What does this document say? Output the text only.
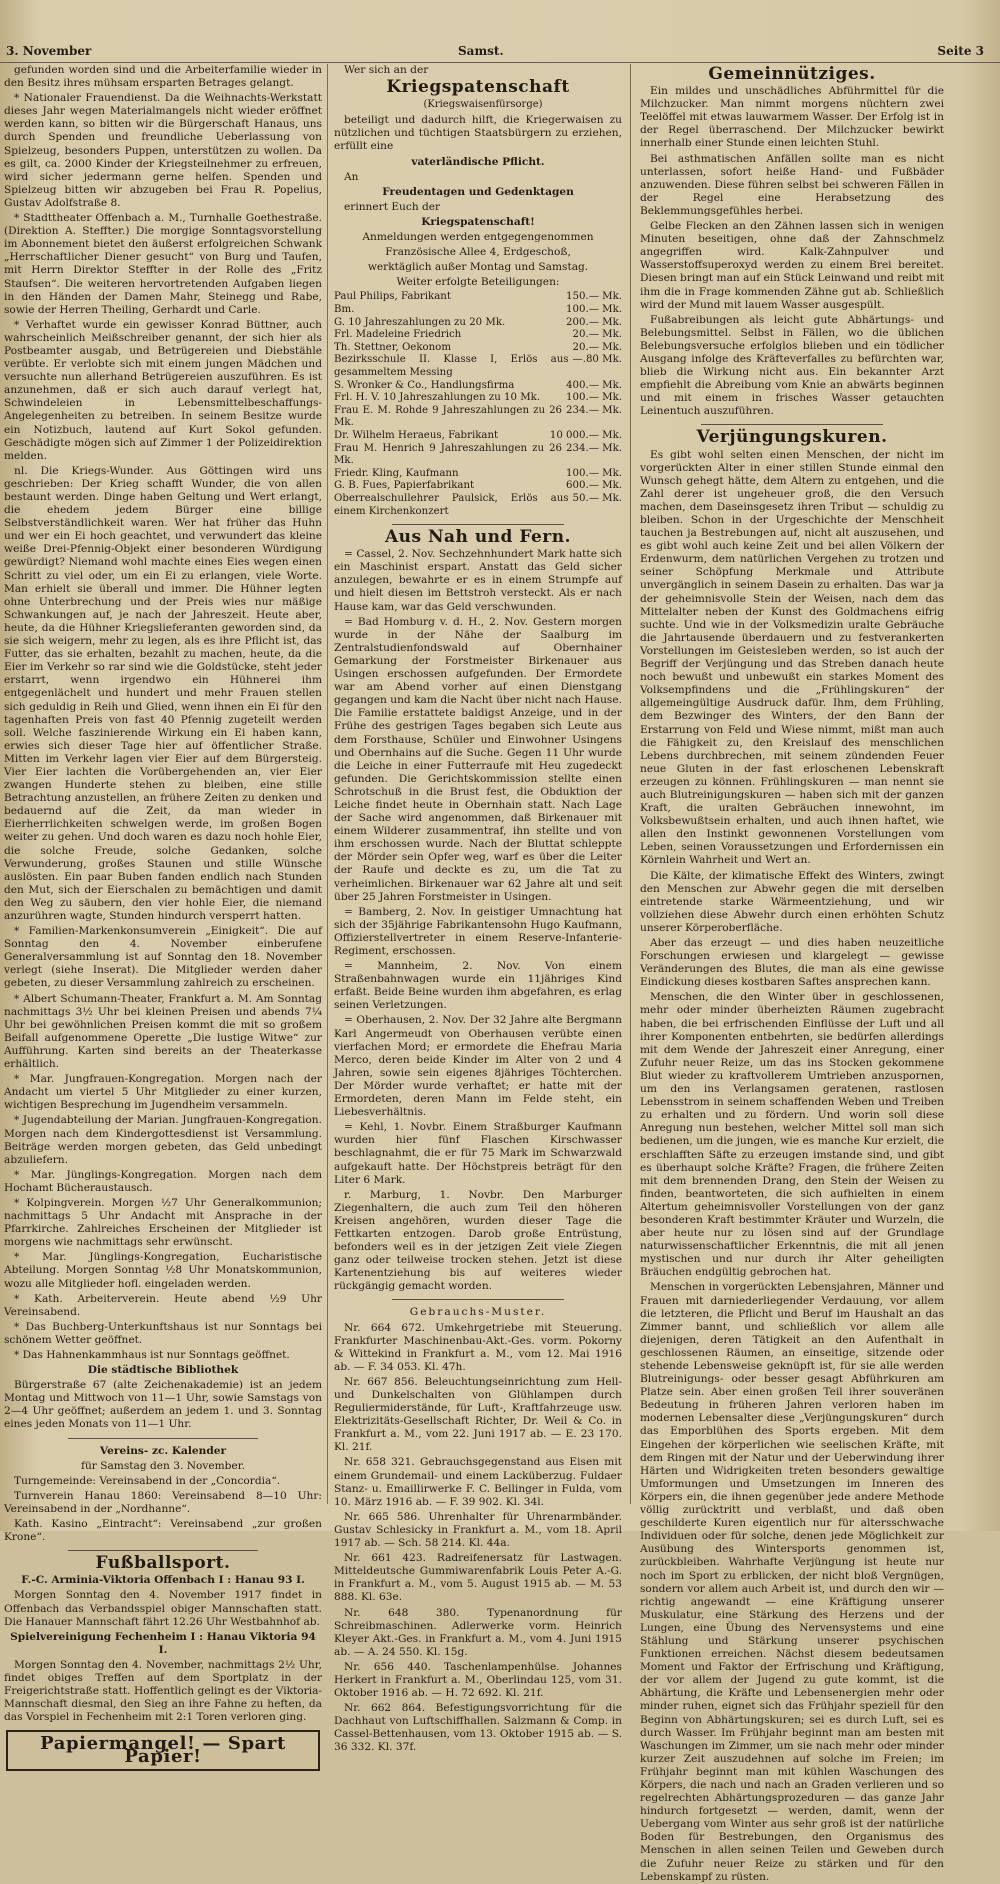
3. November	Samst.	Seite 3

gefunden worden sind und die Arbeiterfamilie wieder in den Besitz ihres mühsam ersparten Betrages gelangt.

* Nationaler Frauendienst. Da die Weihnachts-Werkstatt dieses Jahr wegen Materialmangels nicht wieder eröffnet werden kann, so bitten wir die Bürgerschaft Hanaus, uns durch Spenden und freundliche Ueberlassung von Spielzeug, besonders Puppen, unterstützen zu wollen. Da es gilt, ca. 2000 Kinder der Kriegsteilnehmer zu erfreuen, wird sicher jedermann gerne helfen. Spenden und Spielzeug bitten wir abzugeben bei Frau R. Popelius, Gustav Adolfstraße 8.

* Stadttheater Offenbach a. M., Turnhalle Goethestraße. (Direktion A. Steffter.) Die morgige Sonntagsvorstellung im Abonnement bietet den äußerst erfolgreichen Schwank „Herrschaftlicher Diener gesucht“ von Burg und Taufen, mit Herrn Direktor Steffter in der Rolle des „Fritz Staufsen“. Die weiteren hervortretenden Aufgaben liegen in den Händen der Damen Mahr, Steinegg und Rabe, sowie der Herren Theiling, Gerhardt und Carle.

* Verhaftet wurde ein gewisser Konrad Büttner, auch wahrscheinlich Meißschreiber genannt, der sich hier als Postbeamter ausgab, und Betrügereien und Diebstähle verübte. Er verlobte sich mit einem jungen Mädchen und versuchte nun allerhand Betrügereien auszuführen. Es ist anzunehmen, daß er sich auch darauf verlegt hat, Schwindeleien in Lebensmittelbeschaffungs-Angelegenheiten zu betreiben. In seinem Besitze wurde ein Notizbuch, lautend auf Kurt Sokol gefunden. Geschädigte mögen sich auf Zimmer 1 der Polizeidirektion melden.

nl. Die Kriegs-Wunder. Aus Göttingen wird uns geschrieben: Der Krieg schafft Wunder, die von allen bestaunt werden. Dinge haben Geltung und Wert erlangt, die ehedem jedem Bürger eine billige Selbstverständlichkeit waren. Wer hat früher das Huhn und wer ein Ei hoch geachtet, und verwundert das kleine weiße Drei-Pfennig-Objekt einer besonderen Würdigung gewürdigt? Niemand wohl machte eines Eies wegen einen Schritt zu viel oder, um ein Ei zu erlangen, viele Worte. Man erhielt sie überall und immer. Die Hühner legten ohne Unterbrechung und der Preis wies nur mäßige Schwankungen auf, je nach der Jahreszeit. Heute aber, heute, da die Hühner Kriegslieferanten geworden sind, da sie sich weigern, mehr zu legen, als es ihre Pflicht ist, das Futter, das sie erhalten, bezahlt zu machen, heute, da die Eier im Verkehr so rar sind wie die Goldstücke, steht jeder erstarrt, wenn irgendwo ein Hühnerei ihm entgegenlächelt und hundert und mehr Frauen stellen sich geduldig in Reih und Glied, wenn ihnen ein Ei für den tagenhaften Preis von fast 40 Pfennig zugeteilt werden soll. Welche faszinierende Wirkung ein Ei haben kann, erwies sich dieser Tage hier auf öffentlicher Straße. Mitten im Verkehr lagen vier Eier auf dem Bürgersteig. Vier Eier lachten die Vorübergehenden an, vier Eier zwangen Hunderte stehen zu bleiben, eine stille Betrachtung anzustellen, an frühere Zeiten zu denken und bedauernd auf die Zeit, da man wieder in Eierherrlichkeiten schwelgen werde, im großen Bogen weiter zu gehen. Und doch waren es dazu noch hohle Eier, die solche Freude, solche Gedanken, solche Verwunderung, großes Staunen und stille Wünsche auslösten. Ein paar Buben fanden endlich nach Stunden den Mut, sich der Eierschalen zu bemächtigen und damit den Weg zu säubern, den vier hohle Eier, die niemand anzurühren wagte, Stunden hindurch versperrt hatten.

* Familien-Markenkonsumverein „Einigkeit“. Die auf Sonntag den 4. November einberufene Generalversammlung ist auf Sonntag den 18. November verlegt (siehe Inserat). Die Mitglieder werden daher gebeten, zu dieser Versammlung zahlreich zu erscheinen.

* Albert Schumann-Theater, Frankfurt a. M. Am Sonntag nachmittags 3½ Uhr bei kleinen Preisen und abends 7¼ Uhr bei gewöhnlichen Preisen kommt die mit so großem Beifall aufgenommene Operette „Die lustige Witwe“ zur Aufführung. Karten sind bereits an der Theaterkasse erhältlich.

* Mar. Jungfrauen-Kongregation. Morgen nach der Andacht um viertel 5 Uhr Mitglieder zu einer kurzen, wichtigen Besprechung im Jugendheim versammeln.

* Jugendabteilung der Marian. Jungfrauen-Kongregation. Morgen nach dem Kindergottesdienst ist Versammlung. Beiträge werden morgen gebeten, das Geld unbedingt abzuliefern.

* Mar. Jünglings-Kongregation. Morgen nach dem Hochamt Bücheraustausch.

* Kolpingverein. Morgen ½7 Uhr Generalkommunion; nachmittags 5 Uhr Andacht mit Ansprache in der Pfarrkirche. Zahlreiches Erscheinen der Mitglieder ist morgens wie nachmittags sehr erwünscht.

* Mar. Jünglings-Kongregation, Eucharistische Abteilung. Morgen Sonntag ½8 Uhr Monatskommunion, wozu alle Mitglieder hofl. eingeladen werden.

* Kath. Arbeiterverein. Heute abend ½9 Uhr Vereinsabend.

* Das Buchberg-Unterkunftshaus ist nur Sonntags bei schönem Wetter geöffnet.

* Das Hahnenkammhaus ist nur Sonntags geöffnet.

Die städtische Bibliothek

Bürgerstraße 67 (alte Zeichenakademie) ist an jedem Montag und Mittwoch von 11—1 Uhr, sowie Samstags von 2—4 Uhr geöffnet; außerdem an jedem 1. und 3. Sonntag eines jeden Monats von 11—1 Uhr.

Vereins- zc. Kalender

für Samstag den 3. November.

Turngemeinde: Vereinsabend in der „Concordia“.

Turnverein Hanau 1860: Vereinsabend 8—10 Uhr: Vereinsabend in der „Nordhanne“.

Kath. Kasino „Eintracht“: Vereinsabend „zur großen Krone“.

Fußballsport.

F.-C. Arminia-Viktoria Offenbach I : Hanau 93 I.

Morgen Sonntag den 4. November 1917 findet in Offenbach das Verbandsspiel obiger Mannschaften statt. Die Hanauer Mannschaft fährt 12.26 Uhr Westbahnhof ab.

Spielvereinigung Fechenheim I : Hanau Viktoria 94 I.

Morgen Sonntag den 4. November, nachmittags 2½ Uhr, findet obiges Treffen auf dem Sportplatz in der Freigerichtstraße statt. Hoffentlich gelingt es der Viktoria-Mannschaft diesmal, den Sieg an ihre Fahne zu heften, da das Vorspiel in Fechenheim mit 2:1 Toren verloren ging.

Papiermangel! — Spart Papier!

Wer sich an der

Kriegspatenschaft

(Kriegswaisenfürsorge)

beteiligt und dadurch hilft, die Kriegerwaisen zu nützlichen und tüchtigen Staatsbürgern zu erziehen, erfüllt eine

vaterländische Pflicht.

An

Freudentagen und Gedenktagen

erinnert Euch der

Kriegspatenschaft!

Anmeldungen werden entgegengenommen

Französische Allee 4, Erdgeschoß,

werktäglich außer Montag und Samstag.

Weiter erfolgte Beteiligungen:

Paul Philips, Fabrikant	150.— Mk.
Bm.	100.— Mk.
G. 10 Jahreszahlungen zu 20 Mk.	200.— Mk.
Frl. Madeleine Friedrich	20.— Mk.
Th. Stettner, Oekonom	20.— Mk.
Bezirksschule II. Klasse I, Erlös aus gesammeltem Messing
—.80 Mk.
S. Wronker & Co., Handlungsfirma	400.— Mk.
Frl. H. V. 10 Jahreszahlungen zu 10 Mk.	100.— Mk.
Frau E. M. Rohde 9 Jahreszahlungen zu 26 Mk.
234.— Mk.
Dr. Wilhelm Heraeus, Fabrikant	10 000.— Mk.
Frau M. Henrich 9 Jahreszahlungen zu 26 Mk.
234.— Mk.
Friedr. Kling, Kaufmann	100.— Mk.
G. B. Fues, Papierfabrikant	600.— Mk.
Oberrealschullehrer Paulsick, Erlös aus einem Kirchenkonzert
50.— Mk.
Aus Nah und Fern.

= Cassel, 2. Nov. Sechzehnhundert Mark hatte sich ein Maschinist erspart. Anstatt das Geld sicher anzulegen, bewahrte er es in einem Strumpfe auf und hielt diesen im Bettstroh versteckt. Als er nach Hause kam, war das Geld verschwunden.

= Bad Homburg v. d. H., 2. Nov. Gestern morgen wurde in der Nähe der Saalburg im Zentralstudienfondswald auf Obernhainer Gemarkung der Forstmeister Birkenauer aus Usingen erschossen aufgefunden. Der Ermordete war am Abend vorher auf einen Dienstgang gegangen und kam die Nacht über nicht nach Hause. Die Familie erstattete baldigst Anzeige, und in der Frühe des gestrigen Tages begaben sich Leute aus dem Forsthause, Schüler und Einwohner Usingens und Obernhains auf die Suche. Gegen 11 Uhr wurde die Leiche in einer Futterraufe mit Heu zugedeckt gefunden. Die Gerichtskommission stellte einen Schrotschuß in die Brust fest, die Obduktion der Leiche findet heute in Obernhain statt. Nach Lage der Sache wird angenommen, daß Birkenauer mit einem Wilderer zusammentraf, ihn stellte und von ihm erschossen wurde. Nach der Bluttat schleppte der Mörder sein Opfer weg, warf es über die Leiter der Raufe und deckte es zu, um die Tat zu verheimlichen. Birkenauer war 62 Jahre alt und seit über 25 Jahren Forstmeister in Usingen.

= Bamberg, 2. Nov. In geistiger Umnachtung hat sich der 35jährige Fabrikantensohn Hugo Kaufmann, Offizierstellvertreter in einem Reserve-Infanterie-Regiment, erschossen.

= Mannheim, 2. Nov. Von einem Straßenbahnwagen wurde ein 11jähriges Kind erfaßt. Beide Beine wurden ihm abgefahren, es erlag seinen Verletzungen.

= Oberhausen, 2. Nov. Der 32 Jahre alte Bergmann Karl Angermeudt von Oberhausen verübte einen vierfachen Mord; er ermordete die Ehefrau Maria Merco, deren beide Kinder im Alter von 2 und 4 Jahren, sowie sein eigenes 8jähriges Töchterchen. Der Mörder wurde verhaftet; er hatte mit der Ermordeten, deren Mann im Felde steht, ein Liebesverhältnis.

= Kehl, 1. Novbr. Einem Straßburger Kaufmann wurden hier fünf Flaschen Kirschwasser beschlagnahmt, die er für 75 Mark im Schwarzwald aufgekauft hatte. Der Höchstpreis beträgt für den Liter 6 Mark.

r. Marburg, 1. Novbr. Den Marburger Ziegenhaltern, die auch zum Teil den höheren Kreisen angehören, wurden dieser Tage die Fettkarten entzogen. Darob große Entrüstung, befonders weil es in der jetzigen Zeit viele Ziegen ganz oder teilweise trocken stehen. Jetzt ist diese Kartenentziehung bis auf weiteres wieder rückgängig gemacht worden.

Gebrauchs-Muster.

Nr. 664 672. Umkehrgetriebe mit Steuerung. Frankfurter Maschinenbau-Akt.-Ges. vorm. Pokorny & Wittekind in Frankfurt a. M., vom 12. Mai 1916 ab. — F. 34 053. Kl. 47h.

Nr. 667 856. Beleuchtungseinrichtung zum Hell- und Dunkelschalten von Glühlampen durch Reguliermiderstände, für Luft-, Kraftfahrzeuge usw. Elektrizitäts-Gesellschaft Richter, Dr. Weil & Co. in Frankfurt a. M., vom 22. Juni 1917 ab. — E. 23 170. Kl. 21f.

Nr. 658 321. Gebrauchsgegenstand aus Eisen mit einem Grundemail- und einem Lacküberzug. Fuldaer Stanz- u. Emaillirwerke F. C. Bellinger in Fulda, vom 10. März 1916 ab. — F. 39 902. Kl. 34l.

Nr. 665 586. Uhrenhalter für Uhrenarmbänder. Gustav Schlesicky in Frankfurt a. M., vom 18. April 1917 ab. — Sch. 58 214. Kl. 44a.

Nr. 661 423. Radreifenersatz für Lastwagen. Mitteldeutsche Gummiwarenfabrik Louis Peter A.-G. in Frankfurt a. M., vom 5. August 1915 ab. — M. 53 888. Kl. 63e.

Nr. 648 380. Typenanordnung für Schreibmaschinen. Adlerwerke vorm. Heinrich Kleyer Akt.-Ges. in Frankfurt a. M., vom 4. Juni 1915 ab. — A. 24 550. Kl. 15g.

Nr. 656 440. Taschenlampenhülse. Johannes Herkert in Frankfurt a. M., Oberlindau 125, vom 31. Oktober 1916 ab. — H. 72 692. Kl. 21f.

Nr. 662 864. Befestigungsvorrichtung für die Dachhaut von Luftschiffhallen. Salzmann & Comp. in Cassel-Bettenhausen, vom 13. Oktober 1915 ab. — S. 36 332. Kl. 37f.

Gemeinnütziges.

Ein mildes und unschädliches Abführmittel für die Milchzucker. Man nimmt morgens nüchtern zwei Teelöffel mit etwas lauwarmem Wasser. Der Erfolg ist in der Regel überraschend. Der Milchzucker bewirkt innerhalb einer Stunde einen leichten Stuhl.

Bei asthmatischen Anfällen sollte man es nicht unterlassen, sofort heiße Hand- und Fußbäder anzuwenden. Diese führen selbst bei schweren Fällen in der Regel eine Herabsetzung des Beklemmungsgefühles herbei.

Gelbe Flecken an den Zähnen lassen sich in wenigen Minuten beseitigen, ohne daß der Zahnschmelz angegriffen wird. Kalk-Zahnpulver und Wasserstoffsuperoxyd werden zu einem Brei bereitet. Diesen bringt man auf ein Stück Leinwand und reibt mit ihm die in Frage kommenden Zähne gut ab. Schließlich wird der Mund mit lauem Wasser ausgespült.

Fußabreibungen als leicht gute Abhärtungs- und Belebungsmittel. Selbst in Fällen, wo die üblichen Belebungsversuche erfolglos blieben und ein tödlicher Ausgang infolge des Kräfteverfalles zu befürchten war, blieb die Wirkung nicht aus. Ein bekannter Arzt empfiehlt die Abreibung vom Knie an abwärts beginnen und mit einem in frisches Wasser getauchten Leinentuch auszuführen.

Verjüngungskuren.

Es gibt wohl selten einen Menschen, der nicht im vorgerückten Alter in einer stillen Stunde einmal den Wunsch gehegt hätte, dem Altern zu entgehen, und die Zahl derer ist ungeheuer groß, die den Versuch machen, dem Daseinsgesetz ihren Tribut — schuldig zu bleiben. Schon in der Urgeschichte der Menschheit tauchen ja Bestrebungen auf, nicht alt auszusehen, und es gibt wohl auch keine Zeit und bei allen Völkern der Erdenwurm, dem natürlichen Vergehen zu trotzen und seiner Schöpfung Merkmale und Attribute unvergänglich in seinem Dasein zu erhalten. Das war ja der geheimnisvolle Stein der Weisen, nach dem das Mittelalter neben der Kunst des Goldmachens eifrig suchte. Und wie in der Volksmedizin uralte Gebräuche die Jahrtausende überdauern und zu festverankerten Vorstellungen im Geistesleben werden, so ist auch der Begriff der Verjüngung und das Streben danach heute noch bewußt und unbewußt ein starkes Moment des Volksempfindens und die „Frühlingskuren“ der allgemeingültige Ausdruck dafür. Ihm, dem Frühling, dem Bezwinger des Winters, der den Bann der Erstarrung von Feld und Wiese nimmt, mißt man auch die Fähigkeit zu, den Kreislauf des menschlichen Lebens durchbrechen, mit seinem zündenden Feuer neue Gluten in der fast erloschenen Lebenskraft erzeugen zu können. Frühlingskuren — man nennt sie auch Blutreinigungskuren — haben sich mit der ganzen Kraft, die uralten Gebräuchen innewohnt, im Volksbewußtsein erhalten, und auch ihnen haftet, wie allen den Instinkt gewonnenen Vorstellungen vom Leben, seinen Voraussetzungen und Erfordernissen ein Körnlein Wahrheit und Wert an.

Die Kälte, der klimatische Effekt des Winters, zwingt den Menschen zur Abwehr gegen die mit derselben eintretende starke Wärmeentziehung, und wir vollziehen diese Abwehr durch einen erhöhten Schutz unserer Körperoberfläche.

Aber das erzeugt — und dies haben neuzeitliche Forschungen erwiesen und klargelegt — gewisse Veränderungen des Blutes, die man als eine gewisse Eindickung dieses kostbaren Saftes ansprechen kann.

Menschen, die den Winter über in geschlossenen, mehr oder minder überheizten Räumen zugebracht haben, die bei erfrischenden Einflüsse der Luft und all ihrer Komponenten entbehrten, sie bedürfen allerdings mit dem Wende der Jahreszeit einer Anregung, einer Zufuhr neuer Reize, um das ins Stocken gekommene Blut wieder zu kraftvollerem Umtrieben anzuspornen, um den ins Verlangsamen geratenen, rastlosen Lebensstrom in seinem schaffenden Weben und Treiben zu erhalten und zu fördern. Und worin soll diese Anregung nun bestehen, welcher Mittel soll man sich bedienen, um die jungen, wie es manche Kur erzielt, die erschlafften Säfte zu erzeugen imstande sind, und gibt es überhaupt solche Kräfte? Fragen, die frühere Zeiten mit dem brennenden Drang, den Stein der Weisen zu finden, beantworteten, die sich aufhielten in einem Altertum geheimnisvoller Vorstellungen von der ganz besonderen Kraft bestimmter Kräuter und Wurzeln, die aber heute nur zu lösen sind auf der Grundlage naturwissenschaftlicher Erkenntnis, die mit all jenen mystischen und nur durch ihr Alter geheiligten Bräuchen endgültig gebrochen hat.

Menschen in vorgerückten Lebensjahren, Männer und Frauen mit darniederliegender Verdauung, vor allem die letzteren, die Pflicht und Beruf im Haushalt an das Zimmer bannt, und schließlich vor allem alle diejenigen, deren Tätigkeit an den Aufenthalt in geschlossenen Räumen, an einseitige, sitzende oder stehende Lebensweise geknüpft ist, für sie alle werden Blutreinigungs- oder besser gesagt Abführkuren am Platze sein. Aber einen großen Teil ihrer souveränen Bedeutung in früheren Jahren verloren haben im modernen Lebensalter diese „Verjüngungskuren“ durch das Emporblühen des Sports ergeben. Mit dem Eingehen der körperlichen wie seelischen Kräfte, mit dem Ringen mit der Natur und der Ueberwindung ihrer Härten und Widrigkeiten treten besonders gewaltige Umformungen und Umsetzungen im Inneren des Körpers ein, die ihnen gegenüber jede andere Methode völlig zurücktritt und verblaßt, und daß oben geschilderte Kuren eigentlich nur für altersschwache Individuen oder für solche, denen jede Möglichkeit zur Ausübung des Wintersports genommen ist, zurückbleiben. Wahrhafte Verjüngung ist heute nur noch im Sport zu erblicken, der nicht bloß Vergnügen, sondern vor allem auch Arbeit ist, und durch den wir — richtig angewandt — eine Kräftigung unserer Muskulatur, eine Stärkung des Herzens und der Lungen, eine Übung des Nervensystems und eine Stählung und Stärkung unserer psychischen Funktionen erreichen. Nächst diesem bedeutsamen Moment und Faktor der Erfrischung und Kräftigung, der vor allem der Jugend zu gute kommt, ist die Abhärtung, die Kräfte und Lebensenergien mehr oder minder ruhen, eignet sich das Frühjahr speziell für den Beginn von Abhärtungskuren; sei es durch Luft, sei es durch Wasser. Im Frühjahr beginnt man am besten mit Waschungen im Zimmer, um sie nach mehr oder minder kurzer Zeit auszudehnen auf solche im Freien; im Frühjahr beginnt man mit kühlen Waschungen des Körpers, die nach und nach an Graden verlieren und so regelrechten Abhärtungsprozeduren — das ganze Jahr hindurch fortgesetzt — werden, damit, wenn der Uebergang vom Winter aus sehr groß ist der natürliche Boden für Bestrebungen, den Organismus des Menschen in allen seinen Teilen und Geweben durch die Zufuhr neuer Reize zu stärken und für den Lebenskampf zu rüsten.
